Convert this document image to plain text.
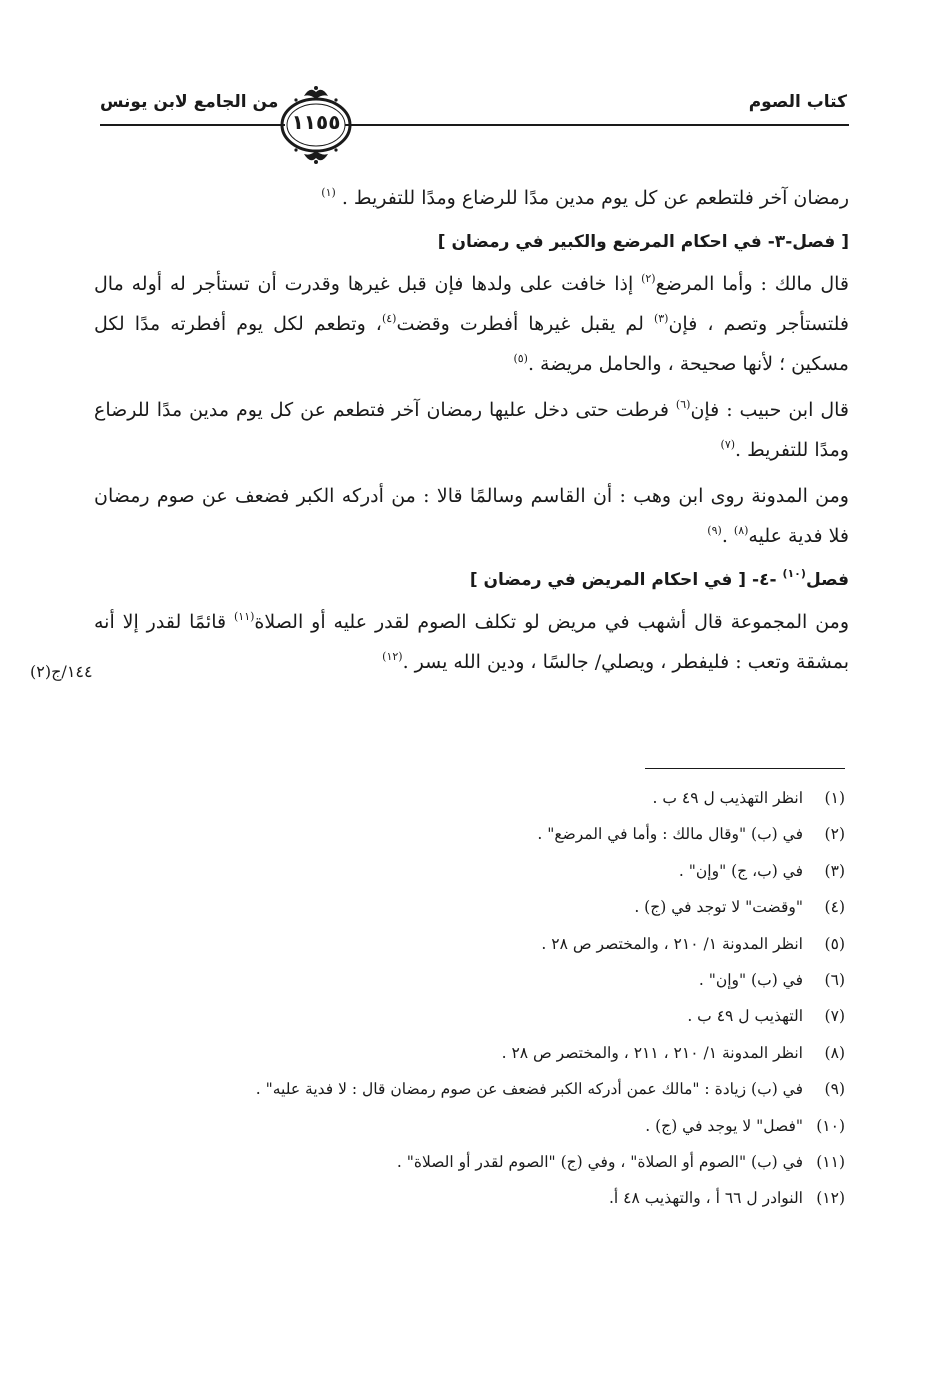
كتاب الصوم
من الجامع لابن يونس
١١٥٥

رمضان آخر فلتطعم عن كل يوم مدين مدًا للرضاع ومدًا للتفريط . $^{(١)}$

[ فصل-٣- في احكام المرضع والكبير في رمضان ]

قال مالك : وأما المرضع$^{(٢)}$ إذا خافت على ولدها فإن قبل غيرها وقدرت أن تستأجر له أوله مال فلتستأجر وتصم ، فإن$^{(٣)}$ لم يقبل غيرها أفطرت وقضت$^{(٤)}$، وتطعم لكل يوم أفطرته مدًا لكل مسكين ؛ لأنها صحيحة ، والحامل مريضة .$^{(٥)}$

قال ابن حبيب : فإن$^{(٦)}$ فرطت حتى دخل عليها رمضان آخر فتطعم عن كل يوم مدين مدًا للرضاع ومدًا للتفريط .$^{(٧)}$

ومن المدونة روى ابن وهب : أن القاسم وسالمًا قالا : من أدركه الكبر فضعف عن صوم رمضان فلا فدية عليه$^{(٨)}$ .$^{(٩)}$

فصل$^{(١٠)}$ -٤- [ في احكام المريض في رمضان ]

ومن المجموعة قال أشهب في مريض لو تكلف الصوم لقدر عليه أو الصلاة$^{(١١)}$ قائمًا لقدر إلا أنه بمشقة وتعب : فليفطر ، ويصلي/ جالسًا ، ودين الله يسر .$^{(١٢)}$

١٤٤/ج(٢)
(١)انظر التهذيب ل ٤٩ ب .
(٢)في (ب) "وقال مالك : وأما في المرضع" .
(٣)في (ب، ج) "وإن" .
(٤)"وقضت" لا توجد في (ج) .
(٥)انظر المدونة ١/ ٢١٠ ، والمختصر ص ٢٨ .
(٦)في (ب) "وإن" .
(٧)التهذيب ل ٤٩ ب .
(٨)انظر المدونة ١/ ٢١٠ ، ٢١١ ، والمختصر ص ٢٨ .
(٩)في (ب) زيادة : "مالك عمن أدركه الكبر فضعف عن صوم رمضان قال : لا فدية عليه" .
(١٠)"فصل" لا يوجد في (ج) .
(١١)في (ب) "الصوم أو الصلاة" ، وفي (ج) "الصوم لقدر أو الصلاة" .
(١٢)النوادر ل ٦٦ أ ، والتهذيب ٤٨ أ.
